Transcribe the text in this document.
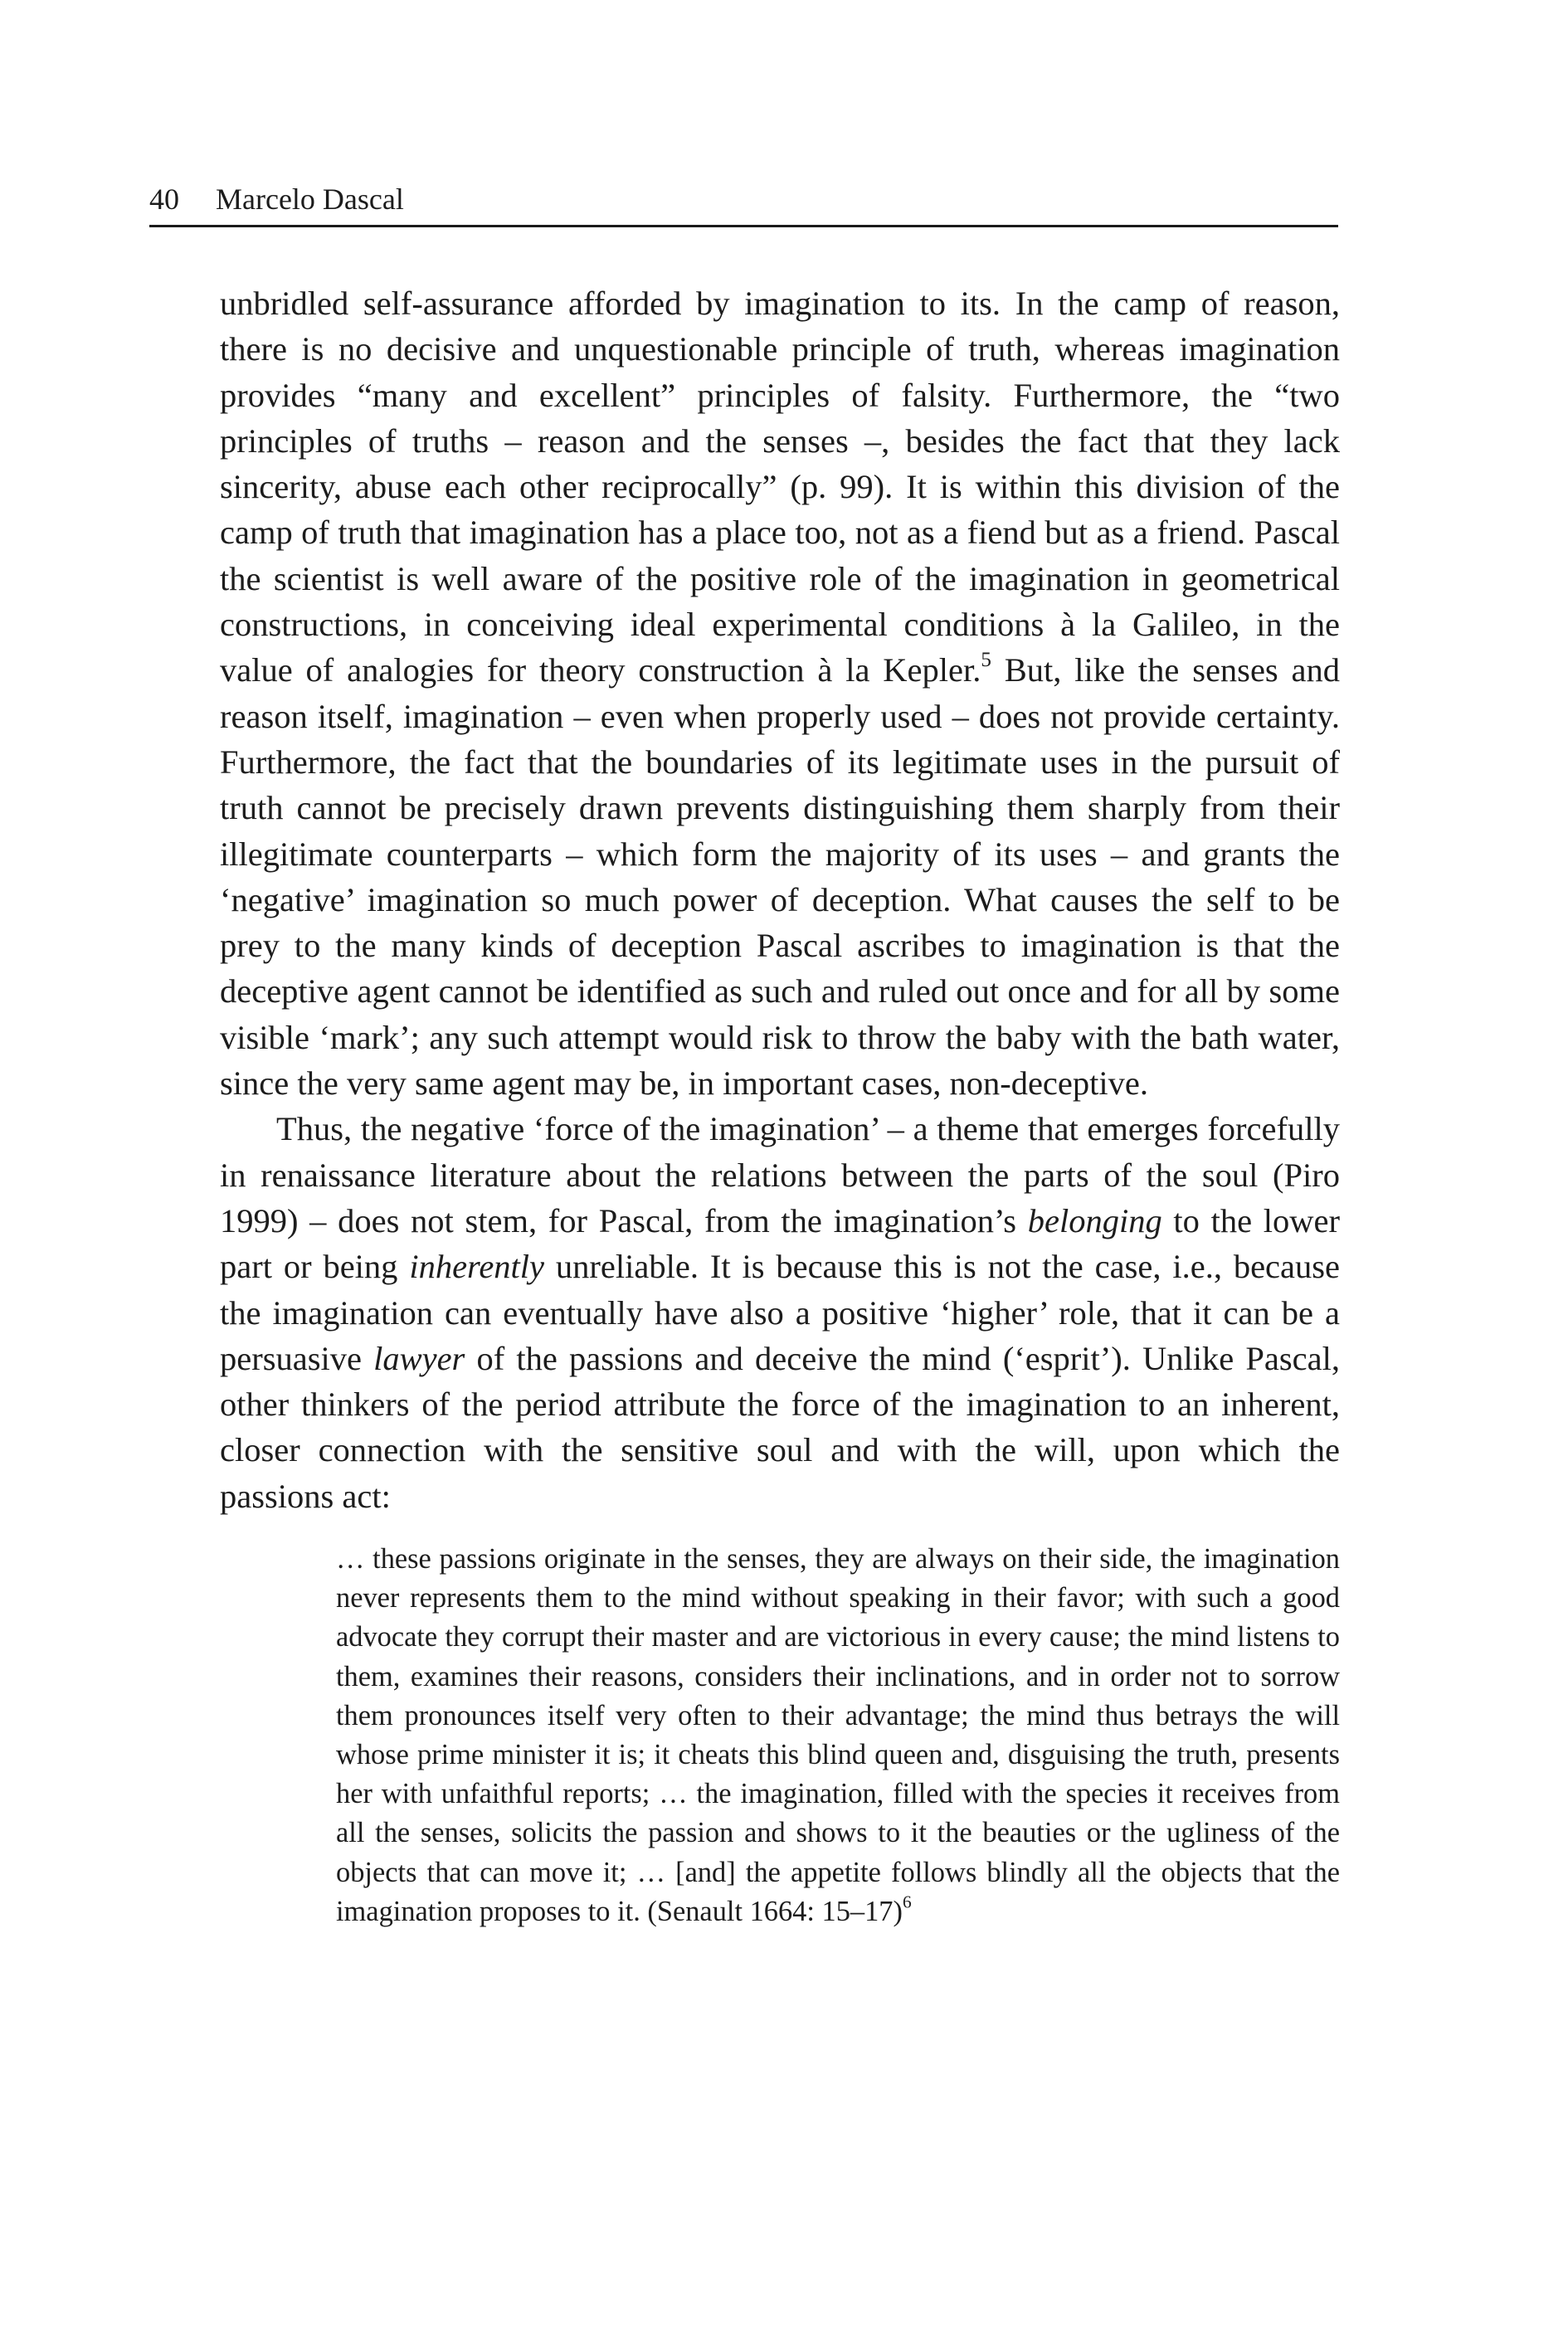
40 Marcelo Dascal

unbridled self-assurance afforded by imagination to its. In the camp of reason, there is no decisive and unquestionable principle of truth, whereas imagination provides “many and excellent” principles of falsity. Furthermore, the “two principles of truths – reason and the senses –, besides the fact that they lack sincerity, abuse each other reciprocally” (p. 99). It is within this division of the camp of truth that imagination has a place too, not as a fiend but as a friend. Pascal the scientist is well aware of the positive role of the imagination in geometrical constructions, in conceiving ideal experimental conditions à la Galileo, in the value of analogies for theory construction à la Kepler.$^5$ But, like the senses and reason itself, imagination – even when properly used – does not provide certainty. Furthermore, the fact that the boundaries of its legitimate uses in the pursuit of truth cannot be precisely drawn prevents distinguishing them sharply from their illegitimate counterparts – which form the majority of its uses – and grants the ‘negative’ imagination so much power of deception. What causes the self to be prey to the many kinds of deception Pascal ascribes to imagination is that the deceptive agent cannot be identified as such and ruled out once and for all by some visible ‘mark’; any such attempt would risk to throw the baby with the bath water, since the very same agent may be, in important cases, non-deceptive.

Thus, the negative ‘force of the imagination’ – a theme that emerges forcefully in renaissance literature about the relations between the parts of the soul (Piro 1999) – does not stem, for Pascal, from the imagination’s belonging to the lower part or being inherently unreliable. It is because this is not the case, i.e., because the imagination can eventually have also a positive ‘higher’ role, that it can be a persuasive lawyer of the passions and deceive the mind (‘esprit’). Unlike Pascal, other thinkers of the period attribute the force of the imagination to an inherent, closer connection with the sensitive soul and with the will, upon which the passions act:

… these passions originate in the senses, they are always on their side, the imagination never represents them to the mind without speaking in their favor; with such a good advocate they corrupt their master and are victorious in every cause; the mind listens to them, examines their reasons, considers their inclinations, and in order not to sorrow them pronounces itself very often to their advantage; the mind thus betrays the will whose prime minister it is; it cheats this blind queen and, disguising the truth, presents her with unfaithful reports; … the imagination, filled with the species it receives from all the senses, solicits the passion and shows to it the beauties or the ugliness of the objects that can move it; … [and] the appetite follows blindly all the objects that the imagination proposes to it. (Senault 1664: 15–17)$^6$
